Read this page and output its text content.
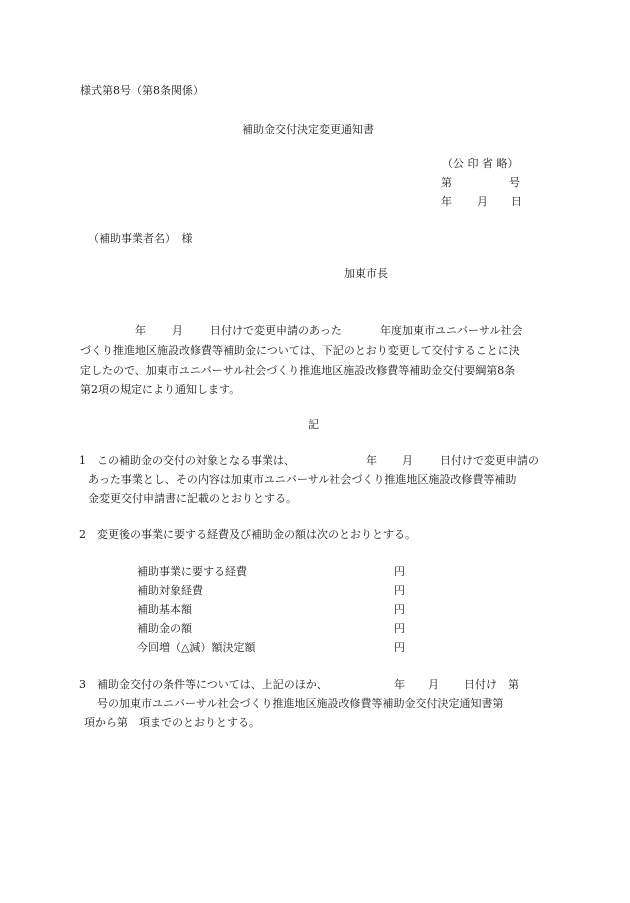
様式第8号（第8条関係）
補助金交付決定変更通知書
（公 印 省 略）
第	号
年 月 日
（補助事業者名）　様
加東市長
年 月 日付けで変更申請のあった	年度加東市ユニバーサル社会
づくり推進地区施設改修費等補助金については、下記のとおり変更して交付することに決
定したので、加東市ユニバーサル社会づくり推進地区施設改修費等補助金交付要綱第8条
第2項の規定により通知します。
記
1 この補助金の交付の対象となる事業は、	年 月 日付けで変更申請の
あった事業とし、その内容は加東市ユニバーサル社会づくり推進地区施設改修費等補助
金変更交付申請書に記載のとおりとする。
2 変更後の事業に要する経費及び補助金の額は次のとおりとする。
補助事業に要する経費	円
補助対象経費	円
補助基本額	円
補助金の額	円
今回増（△減）額決定額	円
3 補助金交付の条件等については、上記のほか、	年 月 日付け　第
号の加東市ユニバーサル社会づくり推進地区施設改修費等補助金交付決定通知書第
項から第　項までのとおりとする。
